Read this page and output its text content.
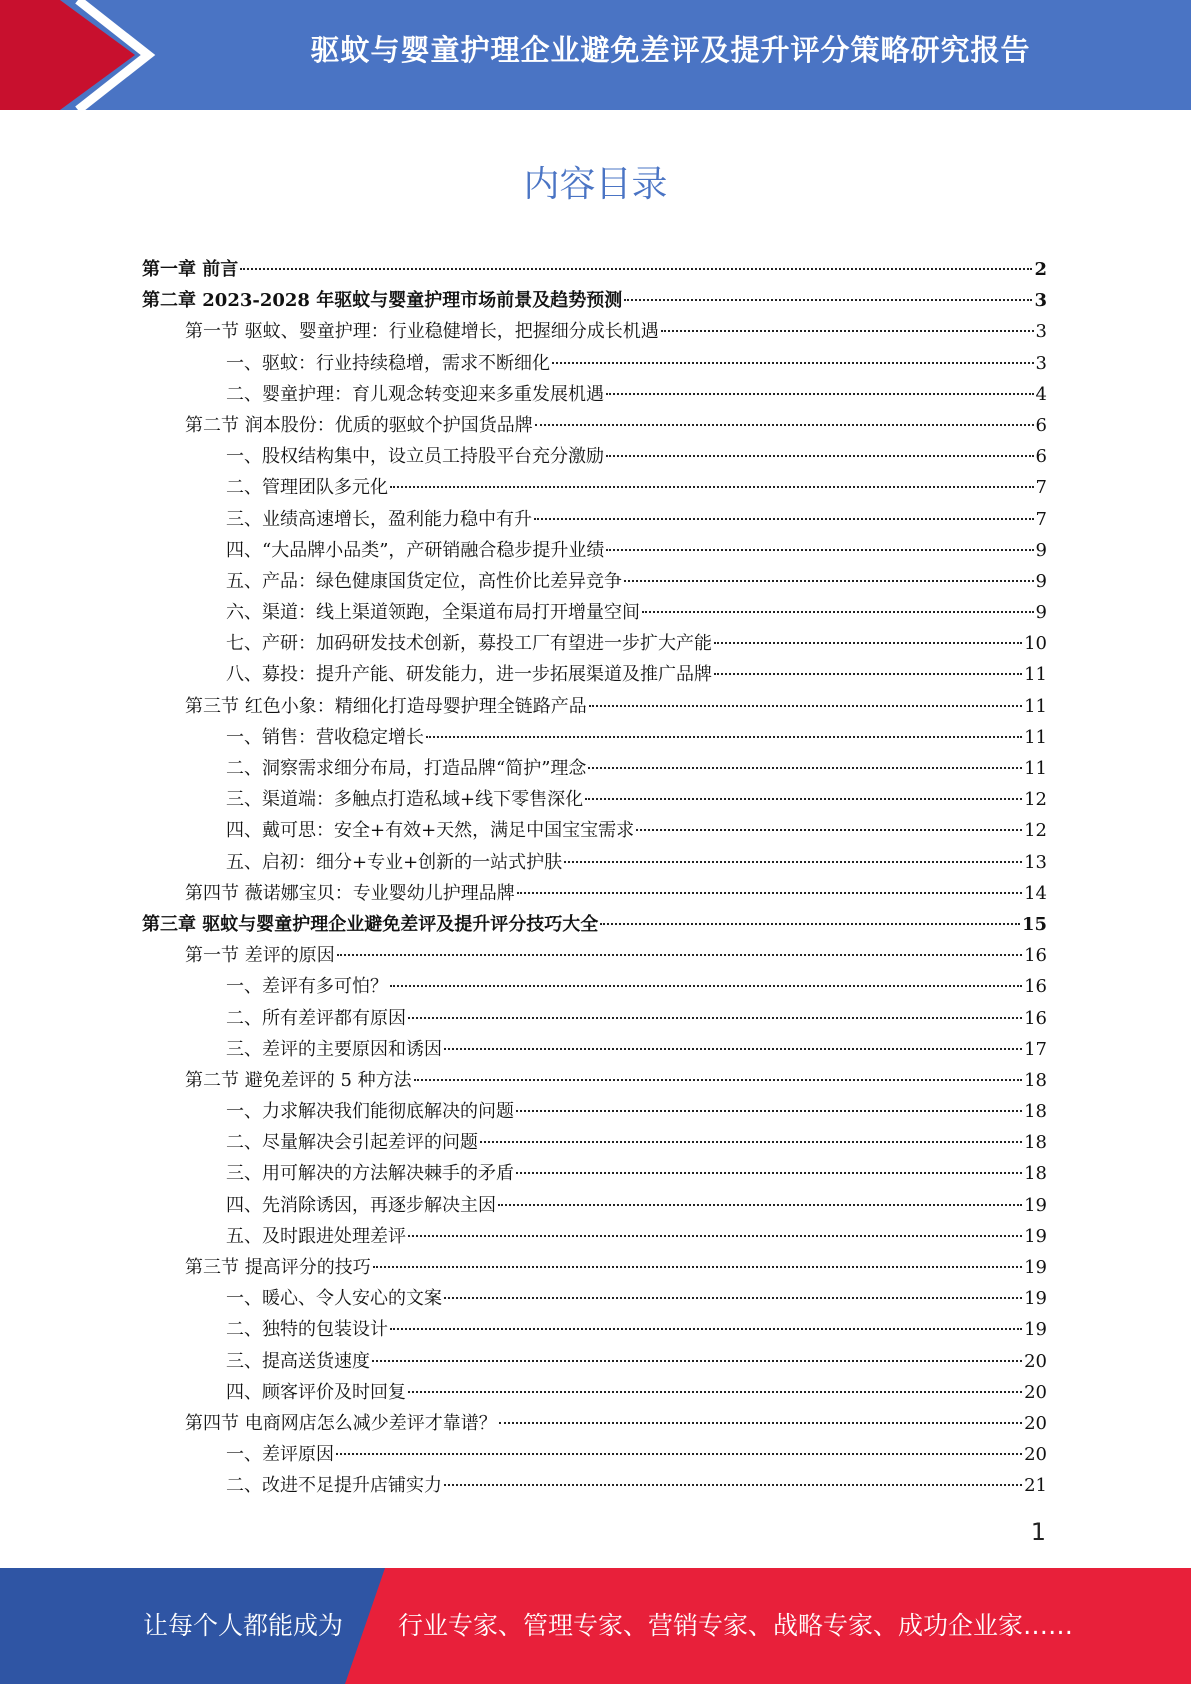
驱蚊与婴童护理企业避免差评及提升评分策略研究报告
内容目录
第一章 前言	2
第二章 2023-2028 年驱蚊与婴童护理市场前景及趋势预测	3
第一节 驱蚊、婴童护理：行业稳健增长，把握细分成长机遇	3
一、驱蚊：行业持续稳增，需求不断细化	3
二、婴童护理：育儿观念转变迎来多重发展机遇	4
第二节 润本股份：优质的驱蚊个护国货品牌	6
一、股权结构集中，设立员工持股平台充分激励	6
二、管理团队多元化	7
三、业绩高速增长，盈利能力稳中有升	7
四、“大品牌小品类”，产研销融合稳步提升业绩	9
五、产品：绿色健康国货定位，高性价比差异竞争	9
六、渠道：线上渠道领跑，全渠道布局打开增量空间	9
七、产研：加码研发技术创新，募投工厂有望进一步扩大产能	10
八、募投：提升产能、研发能力，进一步拓展渠道及推广品牌	11
第三节 红色小象：精细化打造母婴护理全链路产品	11
一、销售：营收稳定增长	11
二、洞察需求细分布局，打造品牌“简护”理念	11
三、渠道端：多触点打造私域+线下零售深化	12
四、戴可思：安全+有效+天然，满足中国宝宝需求	12
五、启初：细分+专业+创新的一站式护肤	13
第四节 薇诺娜宝贝：专业婴幼儿护理品牌	14
第三章 驱蚊与婴童护理企业避免差评及提升评分技巧大全	15
第一节 差评的原因	16
一、差评有多可怕？	16
二、所有差评都有原因	16
三、差评的主要原因和诱因	17
第二节 避免差评的 5 种方法	18
一、力求解决我们能彻底解决的问题	18
二、尽量解决会引起差评的问题	18
三、用可解决的方法解决棘手的矛盾	18
四、先消除诱因，再逐步解决主因	19
五、及时跟进处理差评	19
第三节 提高评分的技巧	19
一、暖心、令人安心的文案	19
二、独特的包装设计	19
三、提高送货速度	20
四、顾客评价及时回复	20
第四节 电商网店怎么减少差评才靠谱？	20
一、差评原因	20
二、改进不足提升店铺实力	21
1
让每个人都能成为 行业专家、管理专家、营销专家、战略专家、成功企业家……
